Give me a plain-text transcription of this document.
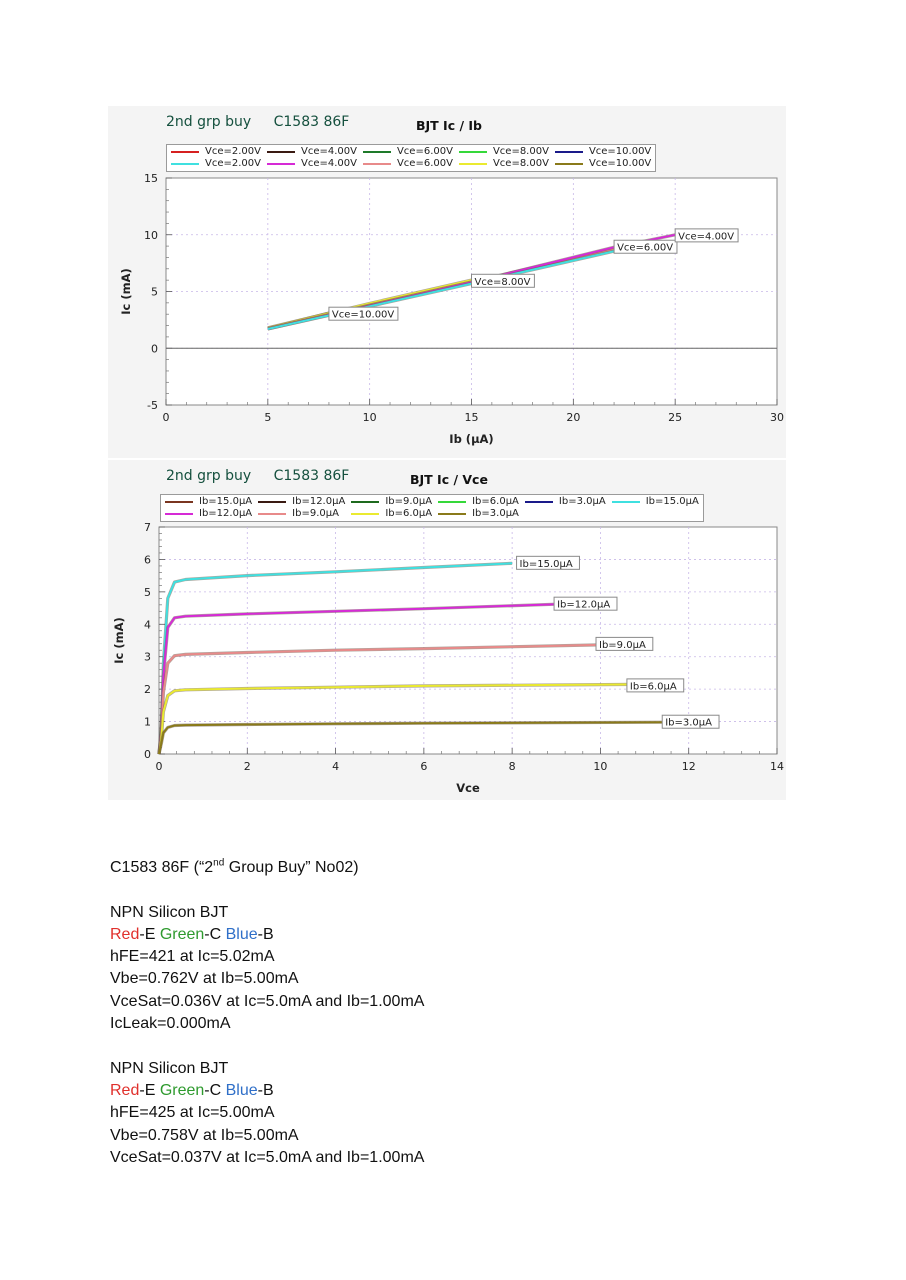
2nd grp buy C1583 86F	BJT Ic / Ib
Vce=2.00V	Vce=4.00V	Vce=6.00V	Vce=8.00V	Vce=10.00V
Vce=2.00V	Vce=4.00V	Vce=6.00V	Vce=8.00V	Vce=10.00V
0	5	10	15	20	25	30
-5
0
5
10
15
Vce=10.00V
Vce=8.00V
Vce=6.00V
Vce=4.00V
Ib (µA)
Ic (mA)
2nd grp buy C1583 86F	BJT Ic / Vce
Ib=15.0µA	Ib=12.0µA	Ib=9.0µA	Ib=6.0µA	Ib=3.0µA	Ib=15.0µA
Ib=12.0µA	Ib=9.0µA	Ib=6.0µA	Ib=3.0µA
0	2	4	6	8	10	12	14
0
1
2
3
4
5
6
7
Ib=15.0µA
Ib=12.0µA
Ib=9.0µA
Ib=6.0µA
Ib=3.0µA
Vce
Ic (mA)

C1583 86F (“2nd Group Buy” No02)

NPN Silicon BJT

Red-E Green-C Blue-B

hFE=421 at Ic=5.02mA

Vbe=0.762V at Ib=5.00mA

VceSat=0.036V at Ic=5.0mA and Ib=1.00mA

IcLeak=0.000mA

NPN Silicon BJT

Red-E Green-C Blue-B

hFE=425 at Ic=5.00mA

Vbe=0.758V at Ib=5.00mA

VceSat=0.037V at Ic=5.0mA and Ib=1.00mA
